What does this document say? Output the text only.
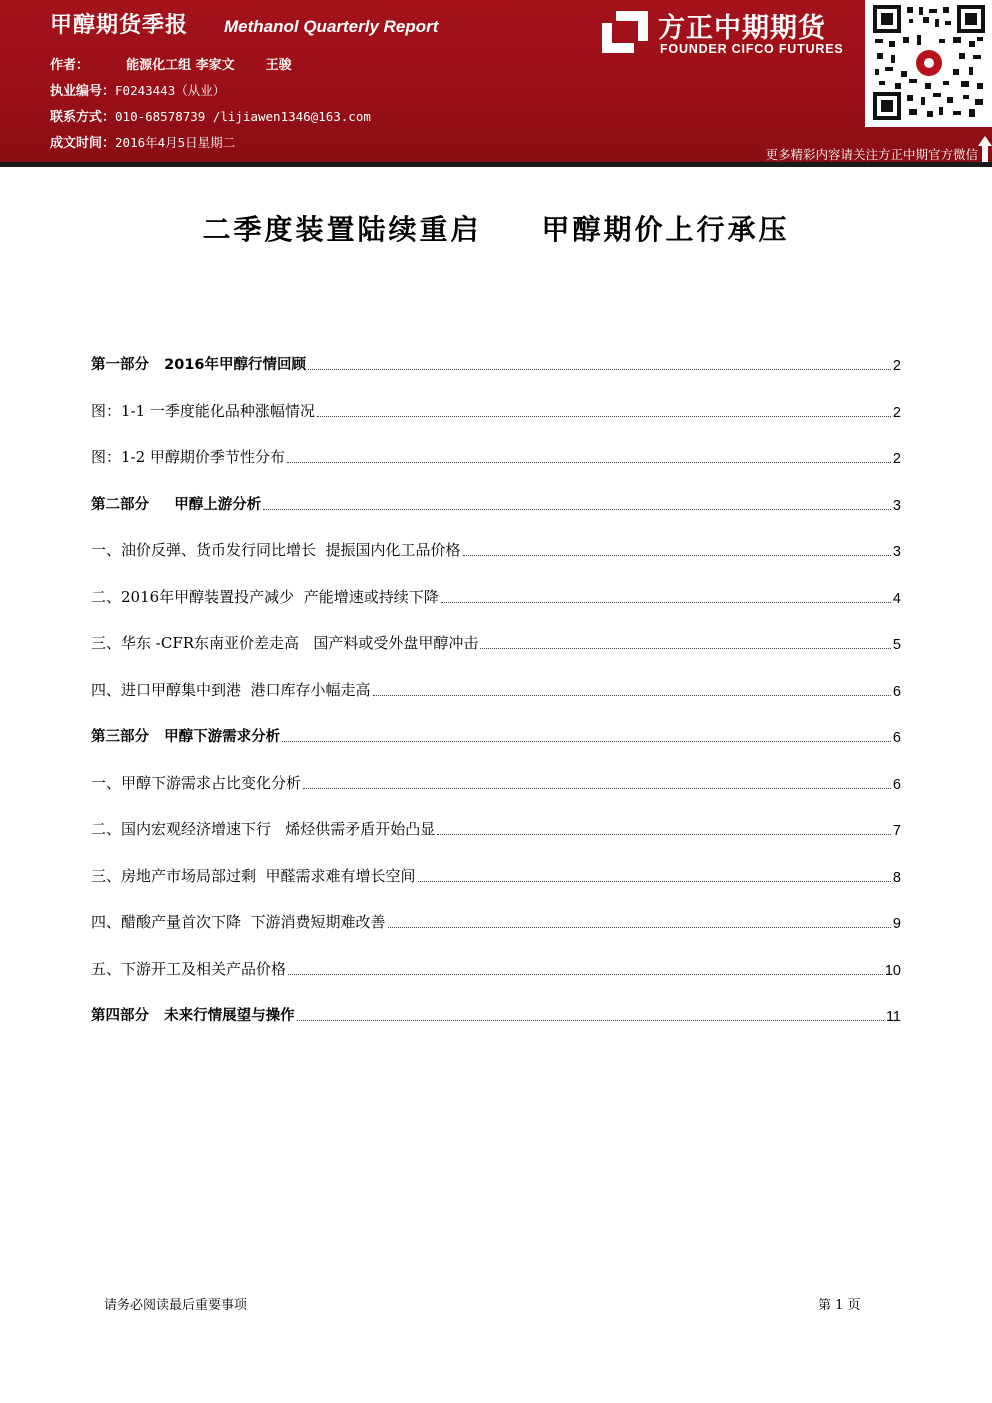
甲醇期货季报 Methanol Quarterly Report
作者：	能源化工组 李家文 王骏
执业编号：F0243443（从业）
联系方式：010-68578739 /lijiawen1346@163.com
成文时间：2016年4月5日星期二
方正中期期货
FOUNDER CIFCO FUTURES
更多精彩内容请关注方正中期官方微信
二季度装置陆续重启 甲醇期价上行承压
第一部分   2016年甲醇行情回顾	2
图：1-1 一季度能化品种涨幅情况	2
图：1-2 甲醇期价季节性分布	2
第二部分     甲醇上游分析	3
一、油价反弹、货币发行同比增长  提振国内化工品价格	3
二、2016年甲醇装置投产减少  产能增速或持续下降	4
三、华东 -CFR东南亚价差走高   国产料或受外盘甲醇冲击	5
四、进口甲醇集中到港  港口库存小幅走高	6
第三部分   甲醇下游需求分析	6
一、甲醇下游需求占比变化分析	6
二、国内宏观经济增速下行   烯烃供需矛盾开始凸显	7
三、房地产市场局部过剩  甲醛需求难有增长空间	8
四、醋酸产量首次下降  下游消费短期难改善	9
五、下游开工及相关产品价格	10
第四部分   未来行情展望与操作	11
请务必阅读最后重要事项	第 1 页
